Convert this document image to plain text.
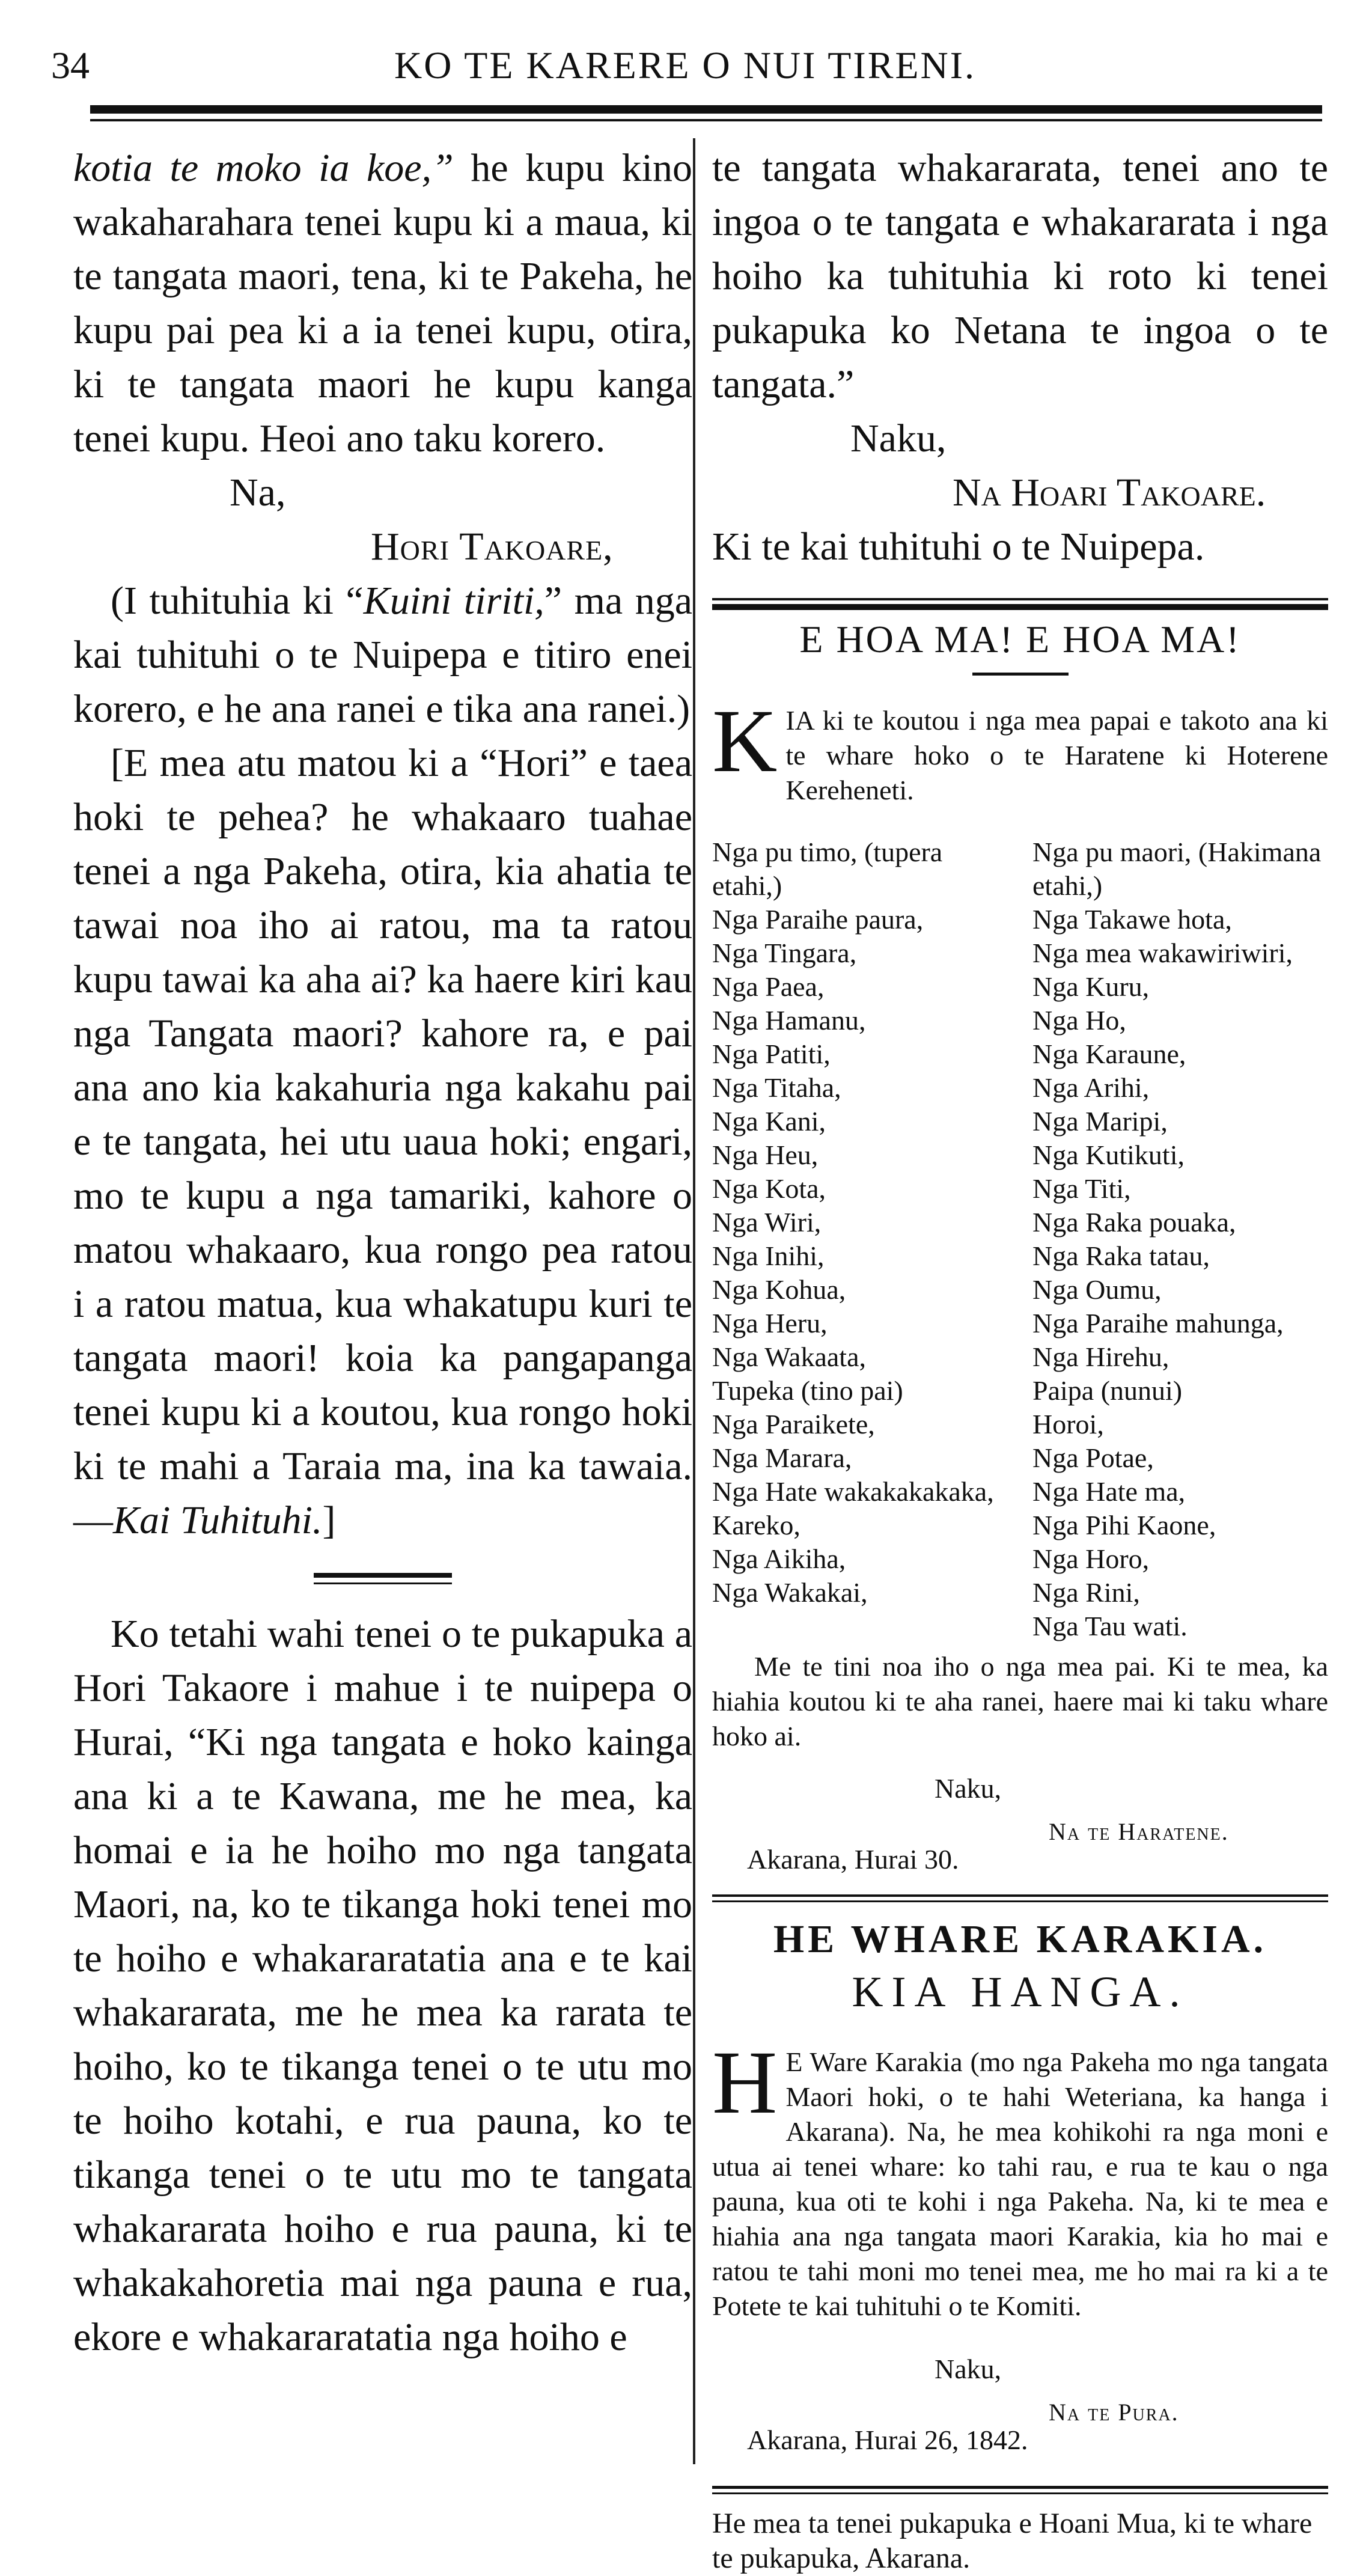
34	KO TE KARERE O NUI TIRENI.

kotia te moko ia koe,” he kupu kino wakaharahara tenei kupu ki a maua, ki te tangata maori, tena, ki te Pakeha, he kupu pai pea ki a ia tenei kupu, otira, ki te tangata maori he kupu kanga tenei kupu. Heoi ano taku korero.

Na,

Hori Takoare,

(I tuhituhia ki “Kuini tiriti,” ma nga kai tuhituhi o te Nuipepa e titiro enei korero, e he ana ranei e tika ana ranei.)

[E mea atu matou ki a “Hori” e taea hoki te pehea? he whakaaro tuahae tenei a nga Pakeha, otira, kia ahatia te tawai noa iho ai ratou, ma ta ratou kupu tawai ka aha ai? ka haere kiri kau nga Tangata maori? kahore ra, e pai ana ano kia kakahuria nga kakahu pai e te tangata, hei utu uaua hoki; engari, mo te kupu a nga tamariki, kahore o matou whakaaro, kua rongo pea ratou i a ratou matua, kua whakatupu kuri te tangata maori! koia ka pangapanga tenei kupu ki a koutou, kua rongo hoki ki te mahi a Taraia ma, ina ka tawaia.—Kai Tuhituhi.]

Ko tetahi wahi tenei o te pukapuka a Hori Takaore i mahue i te nuipepa o Hurai, “Ki nga tangata e hoko kainga ana ki a te Kawana, me he mea, ka homai e ia he hoiho mo nga tangata Maori, na, ko te tikanga hoki tenei mo te hoiho e whakararatatia ana e te kai whakararata, me he mea ka rarata te hoiho, ko te tikanga tenei o te utu mo te hoiho kotahi, e rua pauna, ko te tikanga tenei o te utu mo te tangata whakararata hoiho e rua pauna, ki te whakakahoretia mai nga pauna e rua, ekore e whakararatatia nga hoiho e

te tangata whakararata, tenei ano te ingoa o te tangata e whakararata i nga hoiho ka tuhituhia ki roto ki tenei pukapuka ko Netana te ingoa o te tangata.”

Naku,

Na Hoari Takoare.

Ki te kai tuhituhi o te Nuipepa.

E HOA MA! E HOA MA!

KIA ki te koutou i nga mea papai e takoto ana ki te whare hoko o te Haratene ki Hoterene Kereheneti.

Nga pu timo, (tupera etahi,)
Nga Paraihe paura,
Nga Tingara,
Nga Paea,
Nga Hamanu,
Nga Patiti,
Nga Titaha,
Nga Kani,
Nga Heu,
Nga Kota,
Nga Wiri,
Nga Inihi,
Nga Kohua,
Nga Heru,
Nga Wakaata,
Tupeka (tino pai)
Nga Paraikete,
Nga Marara,
Nga Hate wakakakakaka,
Kareko,
Nga Aikiha,
Nga Wakakai,
Nga pu maori, (Hakimana etahi,)
Nga Takawe hota,
Nga mea wakawiriwiri,
Nga Kuru,
Nga Ho,
Nga Karaune,
Nga Arihi,
Nga Maripi,
Nga Kutikuti,
Nga Titi,
Nga Raka pouaka,
Nga Raka tatau,
Nga Oumu,
Nga Paraihe mahunga,
Nga Hirehu,
Paipa (nunui)
Horoi,
Nga Potae,
Nga Hate ma,
Nga Pihi Kaone,
Nga Horo,
Nga Rini,
Nga Tau wati.

Me te tini noa iho o nga mea pai. Ki te mea, ka hiahia koutou ki te aha ranei, haere mai ki taku whare hoko ai.

Naku,

Na te Haratene.

Akarana, Hurai 30.

HE WHARE KARAKIA.

KIA HANGA.

H E Ware Karakia (mo nga Pakeha mo nga tangata Maori hoki, o te hahi Weteriana, ka hanga i Akarana). Na, he mea kohikohi ra nga moni e utua ai tenei whare: ko tahi rau, e rua te kau o nga pauna, kua oti te kohi i nga Pakeha. Na, ki te mea e hiahia ana nga tangata maori Karakia, kia ho mai e ratou te tahi moni mo tenei mea, me ho mai ra ki a te Potete te kai tuhituhi o te Komiti.

Naku,

Na te Pura.

Akarana, Hurai 26, 1842.

He mea ta tenei pukapuka e Hoani Mua, ki te whare te pukapuka, Akarana.
